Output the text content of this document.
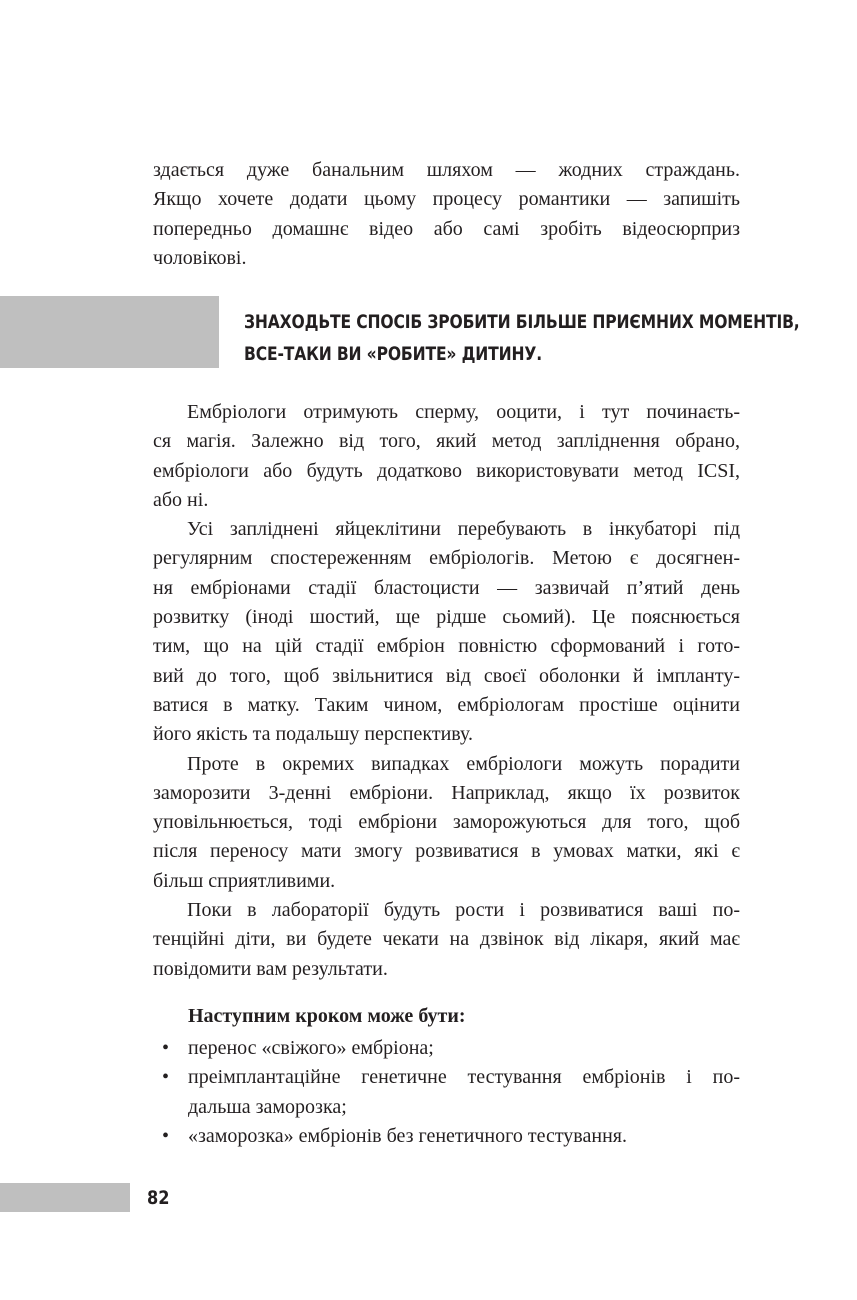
здається дуже банальним шляхом — жодних страждань.
Якщо хочете додати цьому процесу романтики — запишіть
попередньо домашнє відео або самі зробіть відеосюрприз
чоловікові.
ЗНАХОДЬТЕ СПОСІБ ЗРОБИТИ БІЛЬШЕ ПРИЄМНИХ МОМЕНТІВ,
ВСЕ-ТАКИ ВИ «РОБИТЕ» ДИТИНУ.
Ембріологи отримують сперму, ооцити, і тут починаєть-
ся магія. Залежно від того, який метод запліднення обрано,
ембріологи або будуть додатково використовувати метод ICSI,
або ні.
Усі запліднені яйцеклітини перебувають в інкубаторі під
регулярним спостереженням ембріологів. Метою є досягнен-
ня ембріонами стадії бластоцисти — зазвичай п’ятий день
розвитку (іноді шостий, ще рідше сьомий). Це пояснюється
тим, що на цій стадії ембріон повністю сформований і гото-
вий до того, щоб звільнитися від своєї оболонки й імпланту-
ватися в матку. Таким чином, ембріологам простіше оцінити
його якість та подальшу перспективу.
Проте в окремих випадках ембріологи можуть порадити
заморозити 3-денні ембріони. Наприклад, якщо їх розвиток
уповільнюється, тоді ембріони заморожуються для того, щоб
після переносу мати змогу розвиватися в умовах матки, які є
більш сприятливими.
Поки в лабораторії будуть рости і розвиватися ваші по-
тенційні діти, ви будете чекати на дзвінок від лікаря, який має
повідомити вам результати.
Наступним кроком може бути:
• перенос «свіжого» ембріона;
• преімплантаційне генетичне тестування ембріонів і по-
дальша заморозка;
• «заморозка» ембріонів без генетичного тестування.
82
